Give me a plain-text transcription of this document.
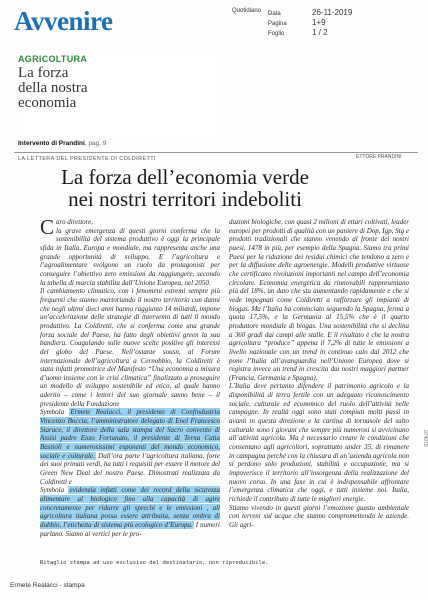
Avvenire	Quotidiano Data	26-11-2019
Pagina	1+9
Foglio	1 / 2
AGRICOLTURA
La forza
della nostra
economia
Intervento di Prandini, pag. 9
LA LETTERA DEL PRESIDENTE DI COLDIRETTI	ETTORE PRANDINI
La forza dell’economia verde
nei nostri territori indeboliti

Caro direttore,

la grave emergenza di questi giorni conferma che la sostenibilità del sistema produttivo è oggi la principale sfida in Italia, Europa e mondiale, ma rappresenta anche una grande opportunità di sviluppo. E l’agricoltura e l’agroalimentare svolgono un ruolo da protagonisti per conseguire l’obiettivo zero emissioni da raggiungere, secondo la tabella di marcia stabilita dall’Unione Europea, nel 2050.

Il cambiamento climatico, con i fenomeni estremi sempre più frequenti che stanno martoriando il nostro territorio con danni che negli ultimi dieci anni hanno raggiunto 14 miliardi, impone un’accelerazione delle strategie di intervento di tutti il mondo produttivo. La Coldiretti, che si conferma come una grande forza sociale del Paese, ha fatto degli obiettivi green la sua bandiera. Coagulando sulle nuove scelte positive gli interessi del globo del Paese. Nell’ostante sousn, al Forum internazionale dell’agricoltura a Cernobbio, la Coldiretti è stata infatti promotrice del Manifesto “Una economia a misura d’uomo insieme con le crisi climatica” finalizzato a proseguire un modello di sviluppo sostenibile ed etico, al quale hanno aderito – come i lettori del suo giornale sanno bene – il presidente della Fondazione

Symbola Ermete Realacci, il presidente di Confindustria Vincenzo Boccia, l’amministratore delegato di Enel Francesco Starace, il direttore della sala stampa del Sacro convento di Assisi padre Enzo Fortunato, il presidente di Terna Catia Bastioli e numerosissimi esponenti del mondo economico, sociale e culturale. Dall’ora parte l’agricoltura italiana, forte dei suoi primati verdi, ha tutti i requisiti per essere il motore del Green New Deal del nostro Paese. Dimostrati realizzata da Coldiretti e

Symbola evidenzia infatti come dei record della sicurezza alimentare al biologico fino alla capacità di agire concretamente per ridurre gli sprechi e le emissioni , all agricoltura italiana possa essere attribuita, senza ombra di dubbio, l’etichetta di sistema più ecologico d’Europa. I numeri parlano. Siamo ai vertici per le pro-

duzioni biologiche, con quasi 2 milioni di ettari coltivati, leader europei per prodotti di qualità con un paniere di Dop, Igp, Stg e prodotti tradizionali che stanno venendo al fronte dei nostri paesi, 1478 in più, per esempio della Spagna. Siamo tra primi Paesi per la riduzione dei residui chimici che tendono a zero e per la diffusione delle agroenergie. Modelli produttive virtuose che certificano rivoluzioni importanti nel campo dell’economia circolare. Economia energetica da rinnovabili rappresentano più del 18%, un dato che sta aumentando rapidamente e che si vede impegnati come Coldiretti a rafforzare gli impianti di biogas. Ma l’Italia ha cominciato seguendo la Spagna, ferma a quota 17,5%, e la Germania al 15,5% che è il quarto produttore mondiale di biogas. Una sostenibilità che si declina a 360 gradi dai campi alle stalle. E il risultato è che la nostra agricoltura “produce” appena il 7,2% di tutte le emissioni a livello nazionale con un trend in continuo calo dal 2012 che pone l’Italia all’avanguardia nell’Unione Europea dove si registra invece un trend in crescita dai nostri maggiori partner (Francia, Germania e Spagna).

L’Italia deve pertanto difendere il patrimonio agricolo e la disponibilità di terra fertile con un adeguato riconoscimento sociale, culturale ed economico del ruolo dell’attività nelle campagne. In realtà oggi sono stati compiuti molti passi in avanti in questa direzione e la cartina di tornasole del salto culturale sono i giovani che sempre più numerosi si avvicinano all’attività agricola. Ma è necessario creare le condizioni che consentano agli agricoltori, soprattutto under 35, di rimanere in campagna perché con la chiusura di un’azienda agricola non si perdono solo produzioni, stabilità e occupazione, ma si impoverisce il territorio all’insorgenza della realizzazione del nuovo corso. In una fase in cui è indispensabile affrontare l’emergenza climatica che oggi, e tutti insieme noi. Italia, richiede il contributo di tutte le migliori energie.

Stiamo vivendo in questi giorni l’emozione guasto ambientale con terreni sul acque che stanno compromettendo le aziende. Gli agri-

074079
Ritaglio stampa ad uso esclusivo del destinatario, non riproducibile.
Ermete Realacci - stampa
